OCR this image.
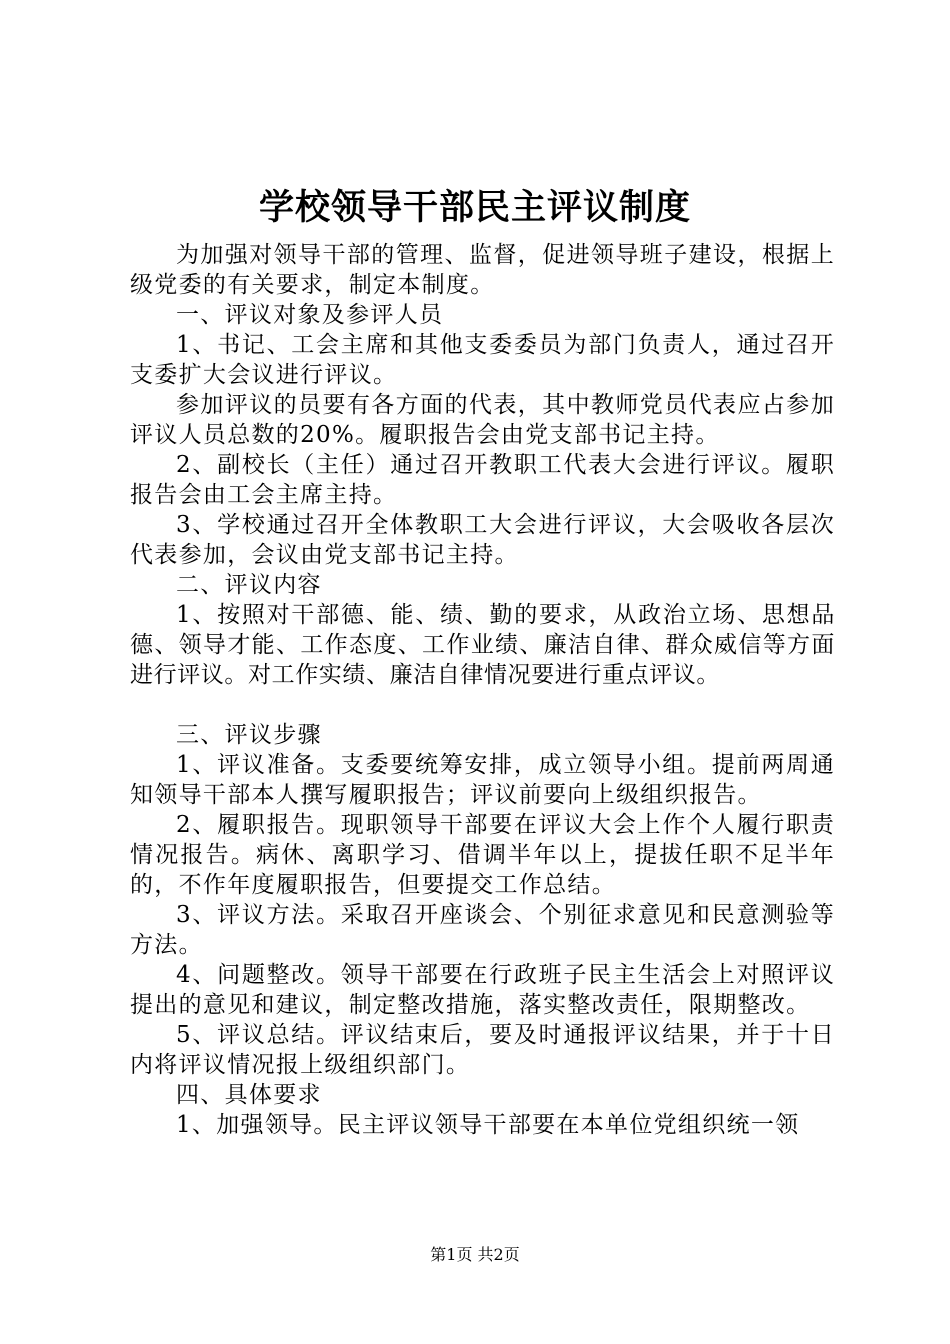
学校领导干部民主评议制度

为加强对领导干部的管理、监督，促进领导班子建设，根据上级党委的有关要求，制定本制度。

一、评议对象及参评人员

1、书记、工会主席和其他支委委员为部门负责人，通过召开支委扩大会议进行评议。

参加评议的员要有各方面的代表，其中教师党员代表应占参加评议人员总数的20%。履职报告会由党支部书记主持。

2、副校长（主任）通过召开教职工代表大会进行评议。履职报告会由工会主席主持。

3、学校通过召开全体教职工大会进行评议，大会吸收各层次代表参加，会议由党支部书记主持。

二、评议内容

1、按照对干部德、能、绩、勤的要求，从政治立场、思想品德、领导才能、工作态度、工作业绩、廉洁自律、群众威信等方面进行评议。对工作实绩、廉洁自律情况要进行重点评议。

三、评议步骤

1、评议准备。支委要统筹安排，成立领导小组。提前两周通知领导干部本人撰写履职报告；评议前要向上级组织报告。

2、履职报告。现职领导干部要在评议大会上作个人履行职责情况报告。病休、离职学习、借调半年以上，提拔任职不足半年的，不作年度履职报告，但要提交工作总结。

3、评议方法。采取召开座谈会、个别征求意见和民意测验等方法。

4、问题整改。领导干部要在行政班子民主生活会上对照评议提出的意见和建议，制定整改措施，落实整改责任，限期整改。

5、评议总结。评议结束后，要及时通报评议结果，并于十日内将评议情况报上级组织部门。

四、具体要求

1、加强领导。民主评议领导干部要在本单位党组织统一领

第1页 共2页
